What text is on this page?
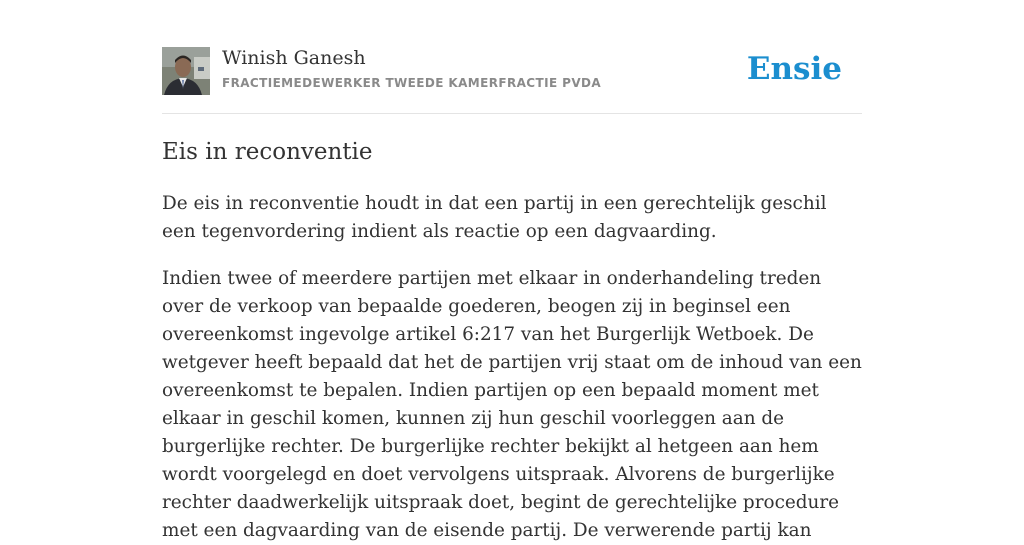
Winish Ganesh
FRACTIEMEDEWERKER TWEEDE KAMERFRACTIE PVDA	Ensie
Eis in reconventie

De eis in reconventie houdt in dat een partij in een gerechtelijk geschil een tegenvordering indient als reactie op een dagvaarding.

Indien twee of meerdere partijen met elkaar in onderhandeling treden over de verkoop van bepaalde goederen, beogen zij in beginsel een overeenkomst ingevolge artikel 6:217 van het Burgerlijk Wetboek. De wetgever heeft bepaald dat het de partijen vrij staat om de inhoud van een overeenkomst te bepalen. Indien partijen op een bepaald moment met elkaar in geschil komen, kunnen zij hun geschil voorleggen aan de burgerlijke rechter. De burgerlijke rechter bekijkt al hetgeen aan hem wordt voorgelegd en doet vervolgens uitspraak. Alvorens de burgerlijke rechter daadwerkelijk uitspraak doet, begint de gerechtelijke procedure met een dagvaarding van de eisende partij. De verwerende partij kan
